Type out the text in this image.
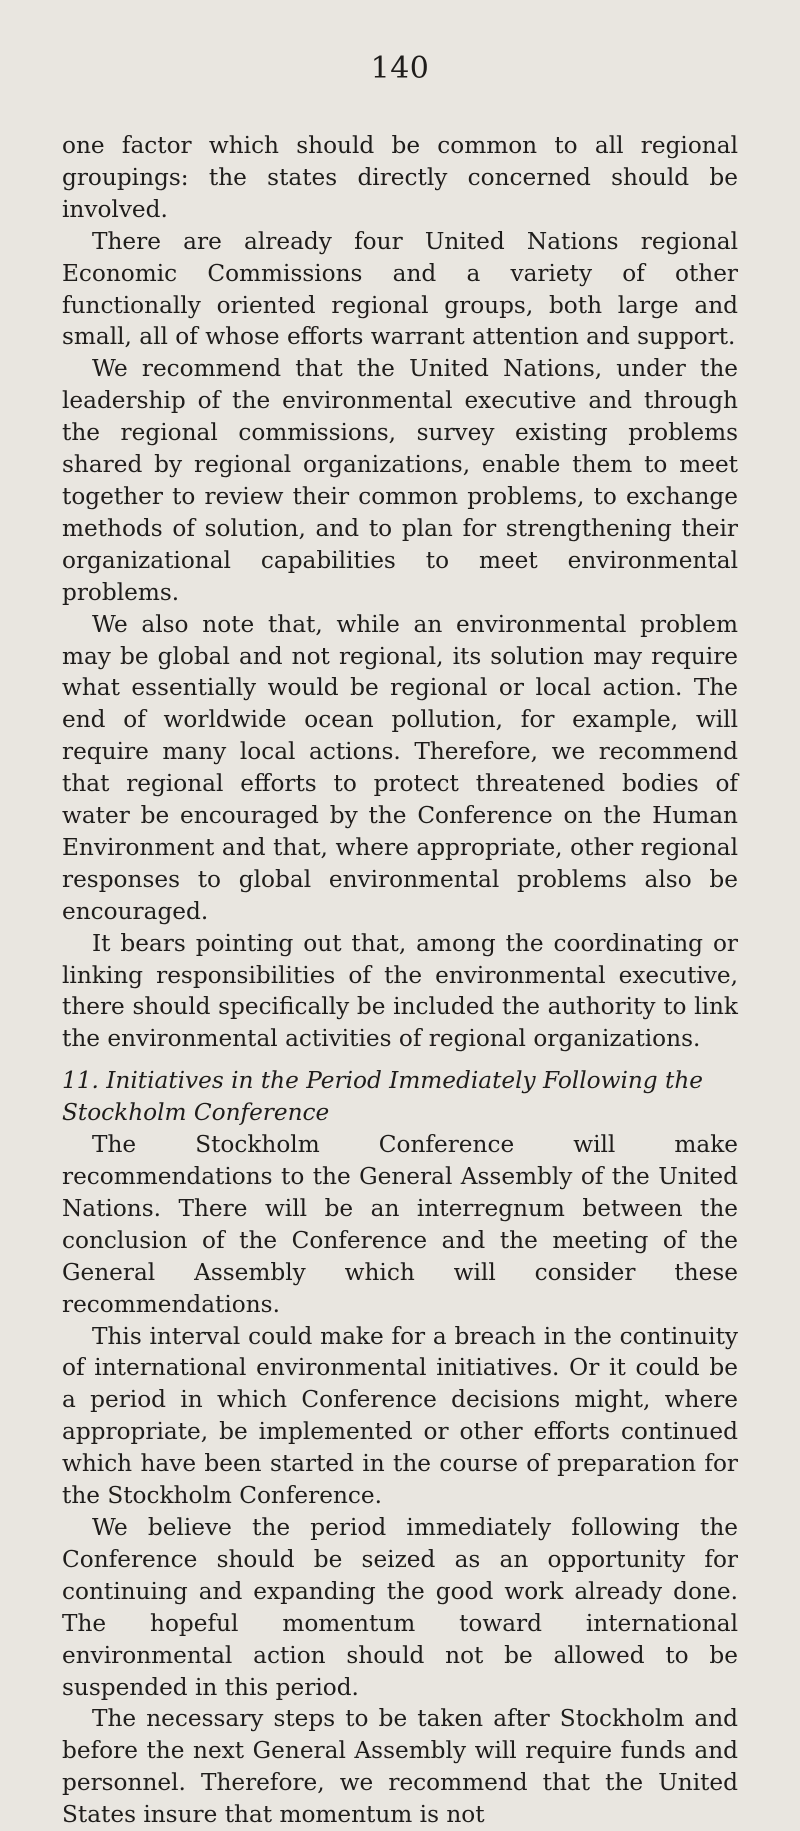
140

one factor which should be common to all regional groupings: the states directly concerned should be involved.

There are already four United Nations regional Economic Commissions and a variety of other functionally oriented regional groups, both large and small, all of whose efforts warrant attention and support.

We recommend that the United Nations, under the leadership of the environmental executive and through the regional commissions, survey existing problems shared by regional organizations, enable them to meet together to review their common problems, to exchange methods of solution, and to plan for strengthening their organizational capabilities to meet environmental problems.

We also note that, while an environmental problem may be global and not regional, its solution may require what essentially would be regional or local action. The end of worldwide ocean pollution, for example, will require many local actions. Therefore, we recommend that regional efforts to protect threatened bodies of water be encouraged by the Conference on the Human Environment and that, where appropriate, other regional responses to global environmental problems also be encouraged.

It bears pointing out that, among the coordinating or linking responsibilities of the environmental executive, there should specifically be included the authority to link the environmental activities of regional organizations.

11. Initiatives in the Period Immediately Following the Stockholm Conference

The Stockholm Conference will make recommendations to the General Assembly of the United Nations. There will be an interregnum between the conclusion of the Conference and the meeting of the General Assembly which will consider these recommendations.

This interval could make for a breach in the continuity of international environmental initiatives. Or it could be a period in which Conference decisions might, where appropriate, be implemented or other efforts continued which have been started in the course of preparation for the Stockholm Conference.

We believe the period immediately following the Conference should be seized as an opportunity for continuing and expanding the good work already done. The hopeful momentum toward international environmental action should not be allowed to be suspended in this period.

The necessary steps to be taken after Stockholm and before the next General Assembly will require funds and personnel. Therefore, we recommend that the United States insure that momentum is not
